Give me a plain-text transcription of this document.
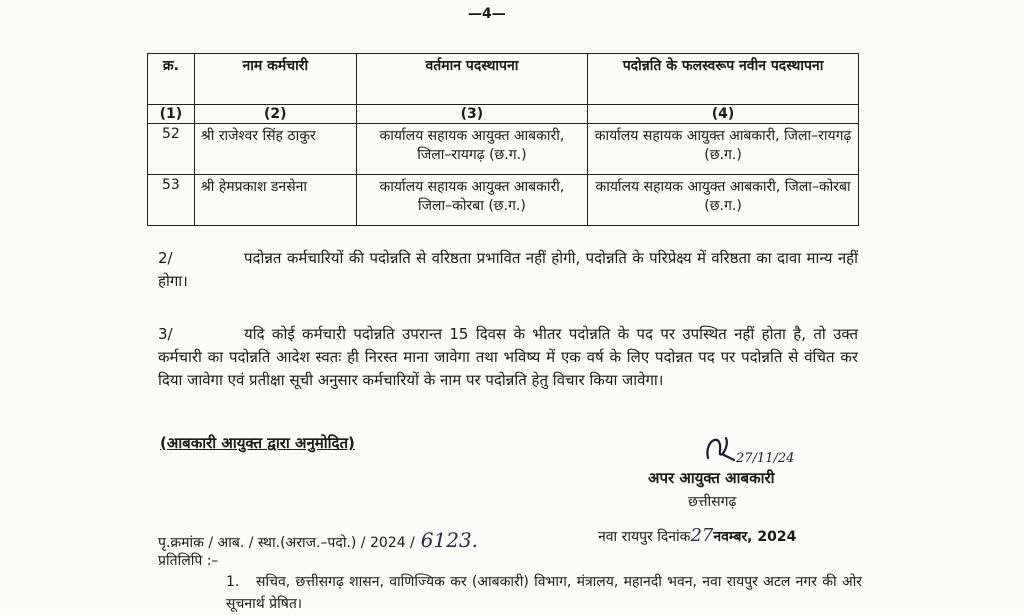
—4—
क्र.	नाम कर्मचारी	वर्तमान पदस्थापना	पदोन्नति के फलस्वरूप नवीन पदस्थापना
(1)	(2)	(3)	(4)
52	श्री राजेश्वर सिंह ठाकुर	कार्यालय सहायक आयुक्त आबकारी, जिला–रायगढ़ (छ.ग.)	कार्यालय सहायक आयुक्त आबकारी, जिला–रायगढ़ (छ.ग.)
53	श्री हेमप्रकाश डनसेना	कार्यालय सहायक आयुक्त आबकारी, जिला–कोरबा (छ.ग.)	कार्यालय सहायक आयुक्त आबकारी, जिला–कोरबा (छ.ग.)

2/	पदोन्नत कर्मचारियों की पदोन्नति से वरिष्ठता प्रभावित नहीं होगी, पदोन्नति के परिप्रेक्ष्य में वरिष्ठता का दावा मान्य नहीं होगा।

3/	यदि कोई कर्मचारी पदोन्नति उपरान्त 15 दिवस के भीतर पदोन्नति के पद पर उपस्थित नहीं होता है, तो उक्त कर्मचारी का पदोन्नति आदेश स्वतः ही निरस्त माना जावेगा तथा भविष्य में एक वर्ष के लिए पदोन्नत पद पर पदोन्नति से वंचित कर दिया जावेगा एवं प्रतीक्षा सूची अनुसार कर्मचारियों के नाम पर पदोन्नति हेतु विचार किया जावेगा।

(आबकारी आयुक्त द्वारा अनुमोदित)
27/11/24
अपर आयुक्त आबकारी
छत्तीसगढ़
पृ.क्रमांक / आब. / स्था.(अराज.–पदो.) / 2024 / 6123.	नवा रायपुर दिनांक27नवम्बर, 2024
प्रतिलिपि :–

1. सचिव, छत्तीसगढ़ शासन, वाणिज्यिक कर (आबकारी) विभाग, मंत्रालय, महानदी भवन, नवा रायपुर अटल नगर की ओर सूचनार्थ प्रेषित।
